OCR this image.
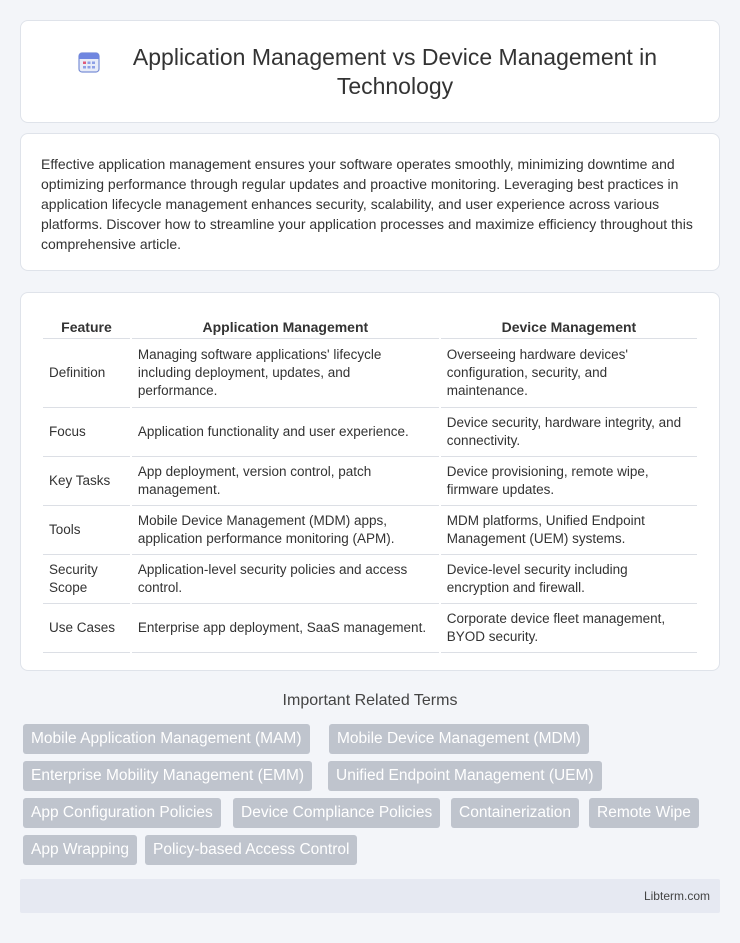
Application Management vs Device Management in Technology

Effective application management ensures your software operates smoothly, minimizing downtime and optimizing performance through regular updates and proactive monitoring. Leveraging best practices in application lifecycle management enhances security, scalability, and user experience across various platforms. Discover how to streamline your application processes and maximize efficiency throughout this comprehensive article.

Feature	Application Management	Device Management
Definition	Managing software applications' lifecycle including deployment, updates, and performance.	Overseeing hardware devices' configuration, security, and maintenance.
Focus	Application functionality and user experience.	Device security, hardware integrity, and connectivity.
Key Tasks	App deployment, version control, patch management.	Device provisioning, remote wipe, firmware updates.
Tools	Mobile Device Management (MDM) apps, application performance monitoring (APM).	MDM platforms, Unified Endpoint Management (UEM) systems.
Security Scope	Application-level security policies and access control.	Device-level security including encryption and firewall.
Use Cases	Enterprise app deployment, SaaS management.	Corporate device fleet management, BYOD security.
Important Related Terms
Mobile Application Management (MAM)	Mobile Device Management (MDM)
Enterprise Mobility Management (EMM)	Unified Endpoint Management (UEM)
App Configuration Policies	Device Compliance Policies	Containerization	Remote Wipe
App Wrapping	Policy-based Access Control
Libterm.com
